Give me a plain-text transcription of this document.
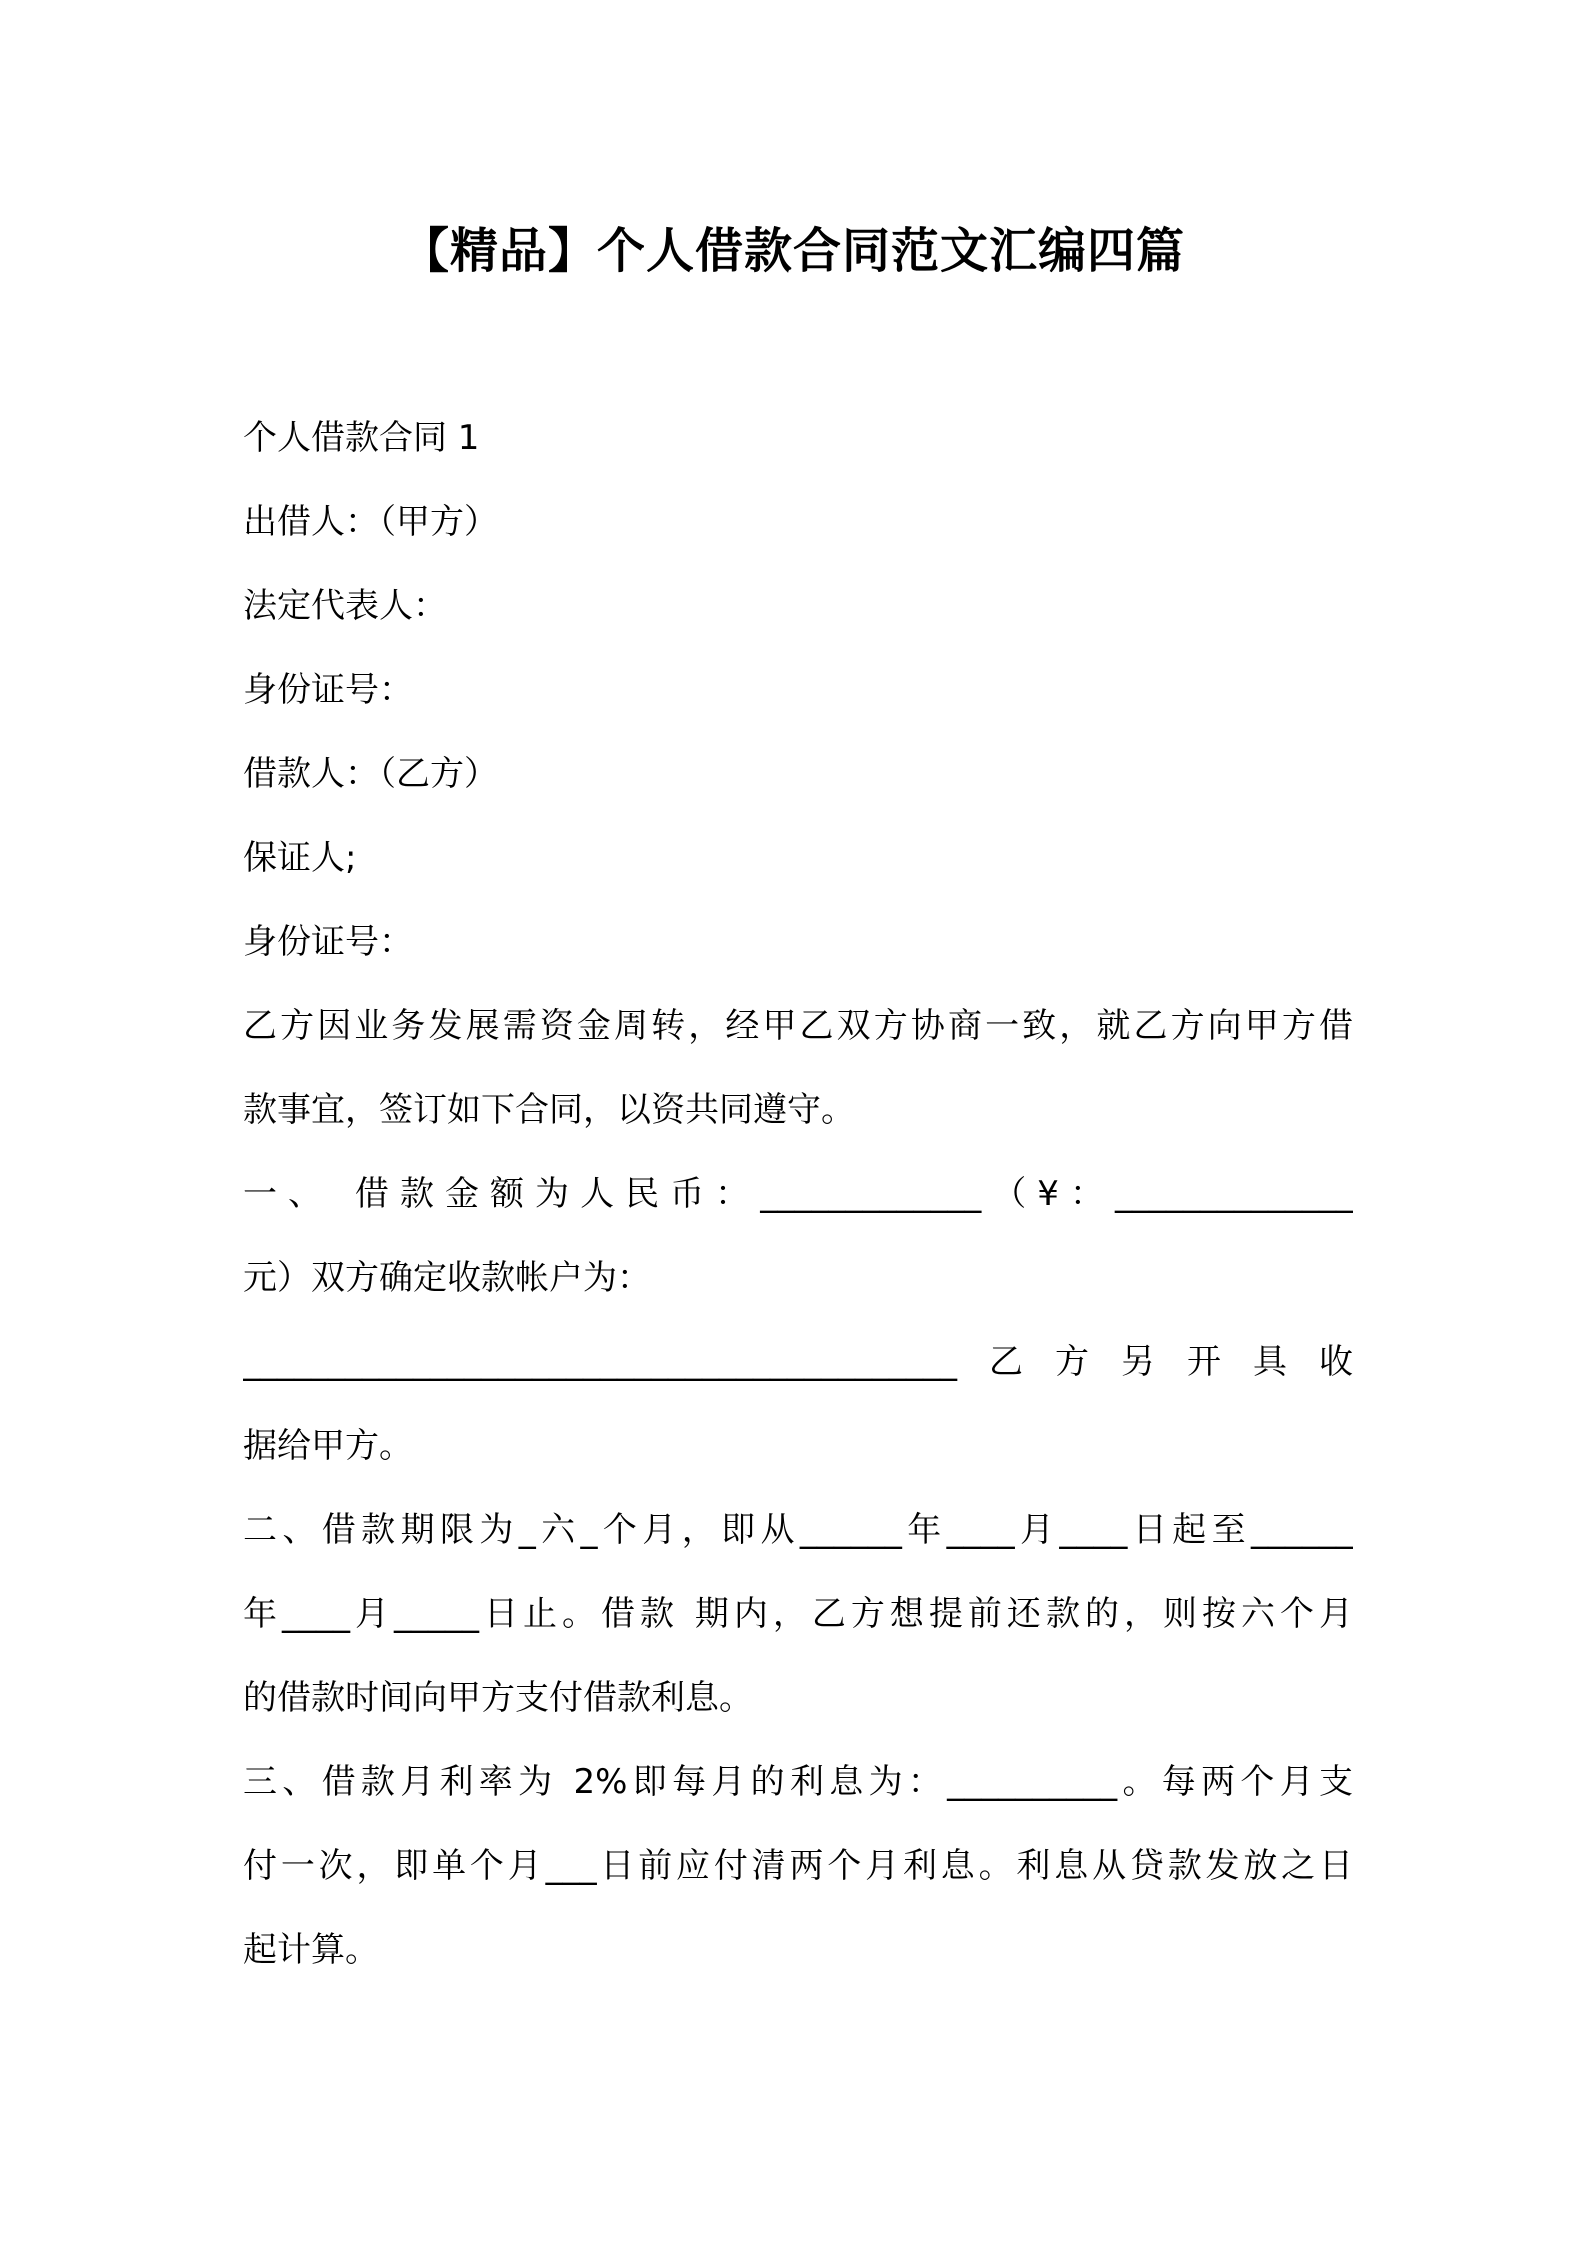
【精品】个人借款合同范文汇编四篇
个人借款合同 1
出借人：（甲方）
法定代表人：
身份证号：
借款人：（乙方）
保证人;
身份证号：
乙方因业务发展需资金周转，经甲乙双方协商一致，就乙方向甲方借
款事宜，签订如下合同，以资共同遵守。
一、 借款金额为人民币：_____________（¥：______________
元）双方确定收款帐户为：
__________________________________________乙方另开具收
据给甲方。
二、借款期限为_六_个月，即从______年____月____日起至______
年____月_____日止。借款 期内，乙方想提前还款的，则按六个月
的借款时间向甲方支付借款利息。
三、借款月利率为 2%即每月的利息为：__________。每两个月支
付一次，即单个月___日前应付清两个月利息。利息从贷款发放之日
起计算。
